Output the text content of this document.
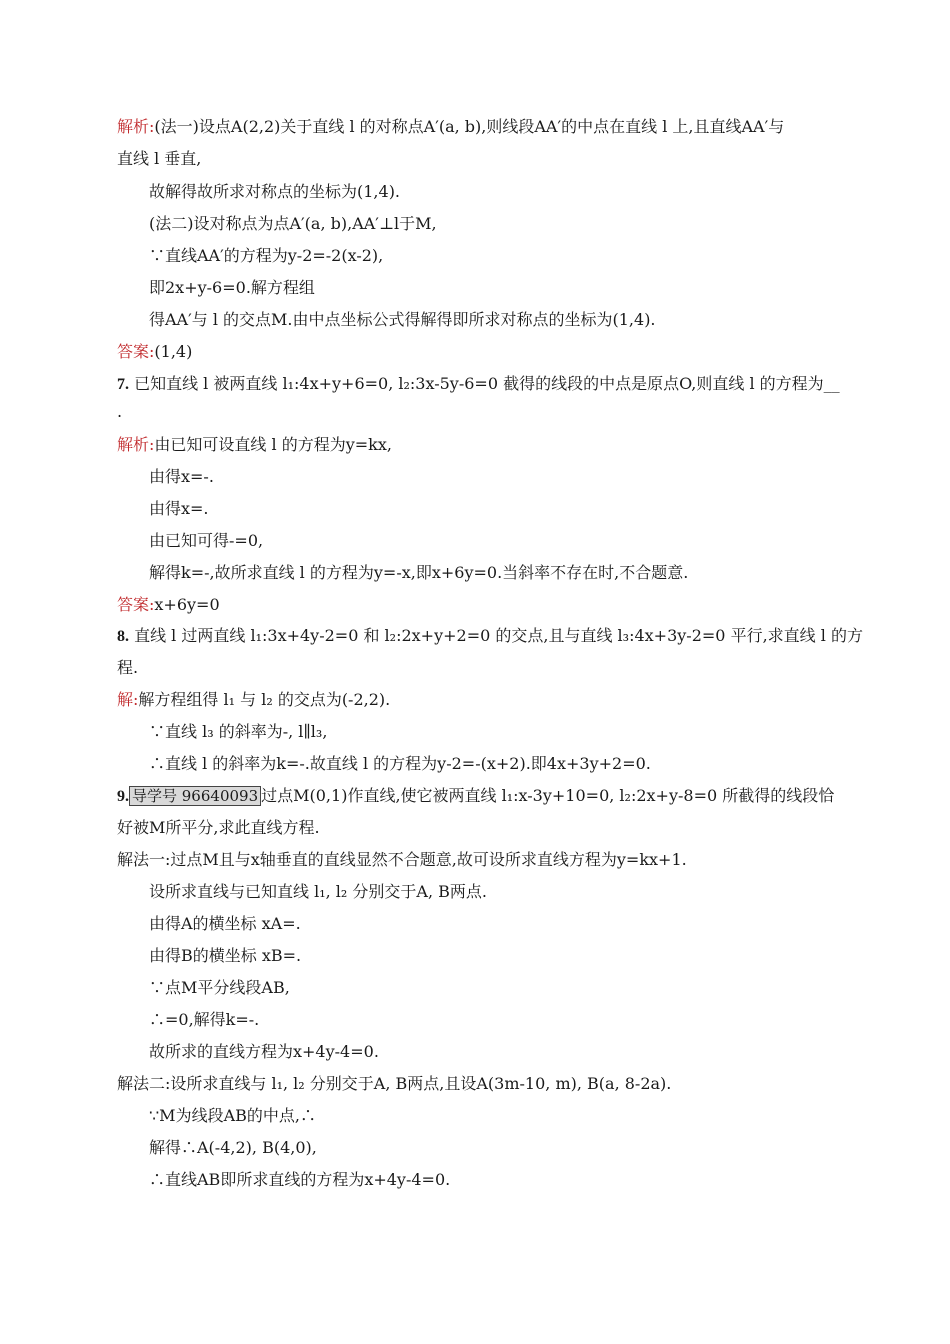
解析:(法一)设点A(2,2)关于直线 l 的对称点A′(a, b),则线段AA′的中点在直线 l 上,且直线AA′与
直线 l 垂直,
故解得故所求对称点的坐标为(1,4).
(法二)设对称点为点A′(a, b),AA′⊥l于M,
∵直线AA′的方程为y-2=-2(x-2),
即2x+y-6=0.解方程组
得AA′与 l 的交点M.由中点坐标公式得解得即所求对称点的坐标为(1,4).
答案:(1,4)
7. 已知直线 l 被两直线 l₁:4x+y+6=0, l₂:3x-5y-6=0 截得的线段的中点是原点O,则直线 l 的方程为__
.
解析:由已知可设直线 l 的方程为y=kx,
由得x=-.
由得x=.
由已知可得-=0,
解得k=-,故所求直线 l 的方程为y=-x,即x+6y=0.当斜率不存在时,不合题意.
答案:x+6y=0
8. 直线 l 过两直线 l₁:3x+4y-2=0 和 l₂:2x+y+2=0 的交点,且与直线 l₃:4x+3y-2=0 平行,求直线 l 的方
程.
解:解方程组得 l₁ 与 l₂ 的交点为(-2,2).
∵直线 l₃ 的斜率为-, l∥l₃,
∴直线 l 的斜率为k=-.故直线 l 的方程为y-2=-(x+2).即4x+3y+2=0.
9. 导学号 96640093 过点M(0,1)作直线,使它被两直线 l₁:x-3y+10=0, l₂:2x+y-8=0 所截得的线段恰
好被M所平分,求此直线方程.
解法一:过点M且与x轴垂直的直线显然不合题意,故可设所求直线方程为y=kx+1.
设所求直线与已知直线 l₁, l₂ 分别交于A, B两点.
由得A的横坐标 xA=.
由得B的横坐标 xB=.
∵点M平分线段AB,
∴=0,解得k=-.
故所求的直线方程为x+4y-4=0.
解法二:设所求直线与 l₁, l₂ 分别交于A, B两点,且设A(3m-10, m), B(a, 8-2a).
∵M为线段AB的中点,∴
解得∴A(-4,2), B(4,0),
∴直线AB即所求直线的方程为x+4y-4=0.
